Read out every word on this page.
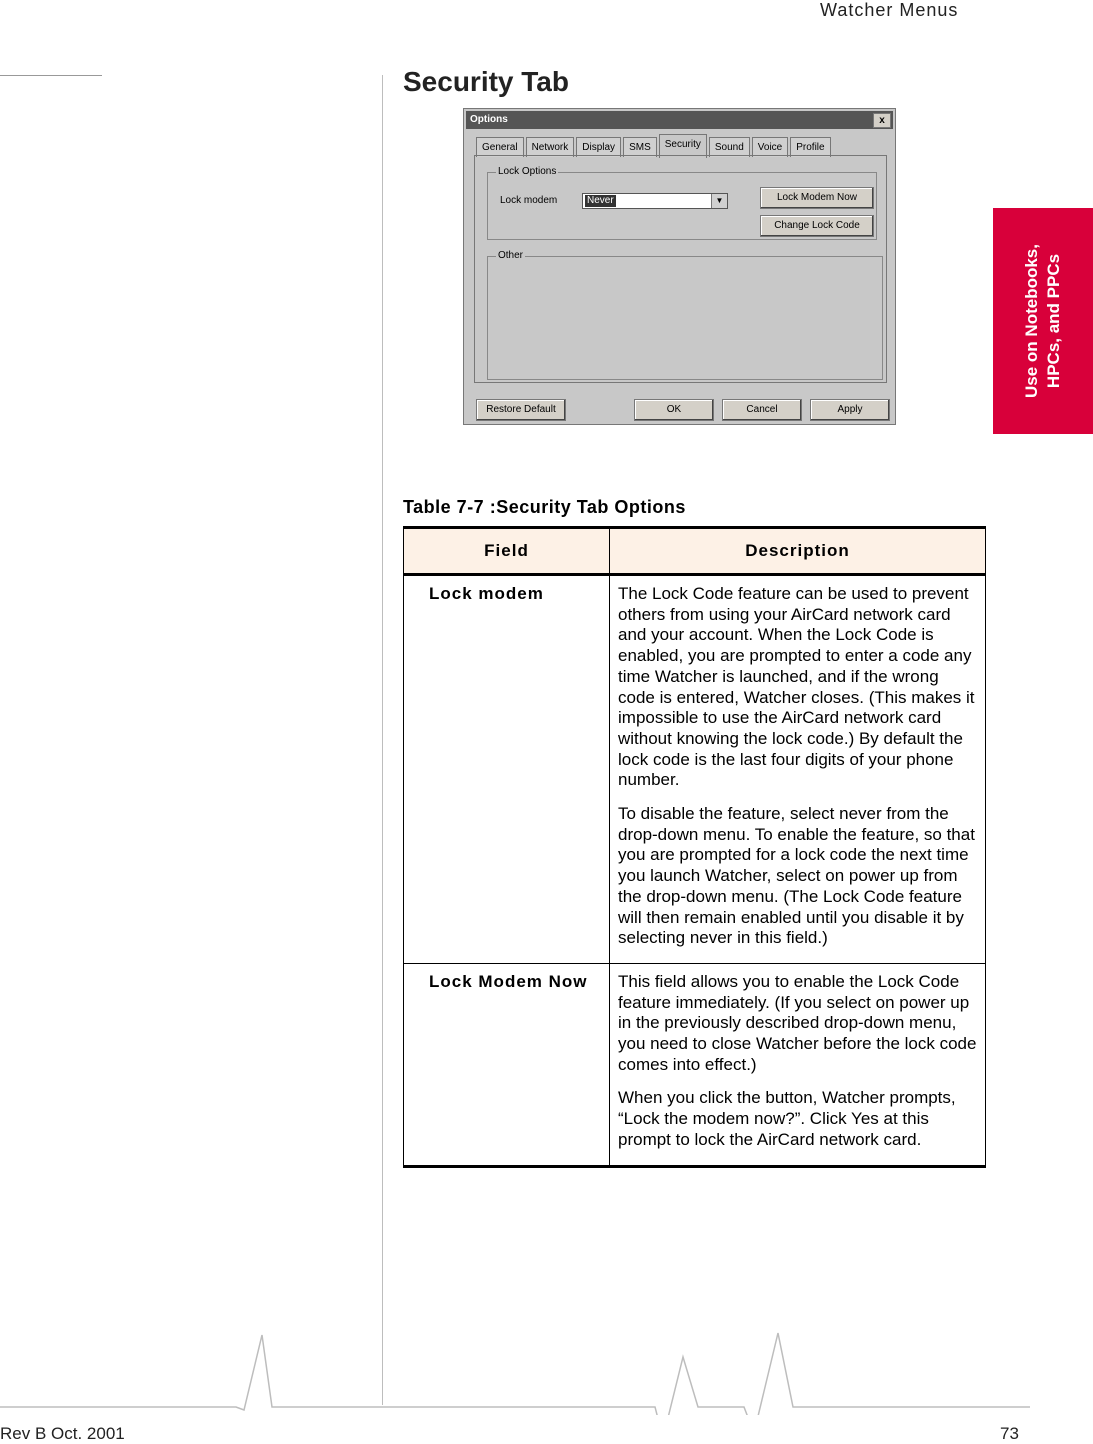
Watcher Menus
Use on Notebooks, HPCs, and PPCs
Security Tab
Options	x
General	Network	Display	SMS	Security	Sound	Voice	Profile
Lock Options
Lock modem	Never	▼	Lock Modem Now
Change Lock Code
Other
Restore Default	OK	Cancel	Apply
Table 7-7 :Security Tab Options
Field	Description
Lock modem	The Lock Code feature can be used to prevent others from using your AirCard network card and your account. When the Lock Code is enabled, you are prompted to enter a code any time Watcher is launched, and if the wrong code is entered, Watcher closes. (This makes it impossible to use the AirCard network card without knowing the lock code.) By default the lock code is the last four digits of your phone number.

To disable the feature, select never from the drop-down menu. To enable the feature, so that you are prompted for a lock code the next time you launch Watcher, select on power up from the drop-down menu. (The Lock Code feature will then remain enabled until you disable it by selecting never in this field.)

Lock Modem Now	This field allows you to enable the Lock Code feature immediately. (If you select on power up in the previously described drop-down menu, you need to close Watcher before the lock code comes into effect.)

When you click the button, Watcher prompts, “Lock the modem now?”. Click Yes at this prompt to lock the AirCard network card.

Rev B Oct. 2001	73
